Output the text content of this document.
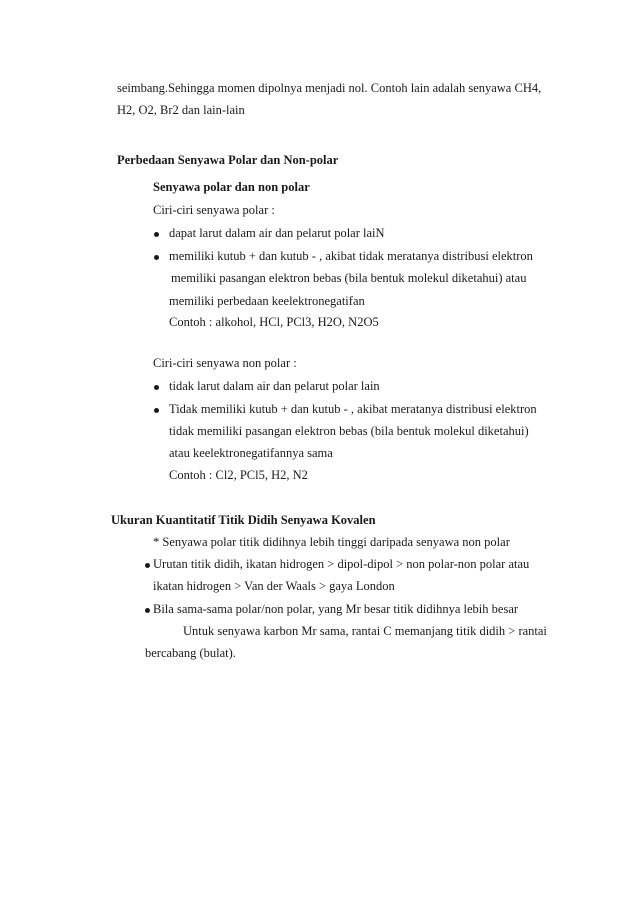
seimbang.Sehingga momen dipolnya menjadi nol. Contoh lain adalah senyawa CH4,
H2, O2, Br2 dan lain-lain
Perbedaan Senyawa Polar dan Non-polar
Senyawa polar dan non polar
Ciri-ciri senyawa polar :
dapat larut dalam air dan pelarut polar laiN
memiliki kutub + dan kutub - , akibat tidak meratanya distribusi elektron
memiliki pasangan elektron bebas (bila bentuk molekul diketahui) atau
memiliki perbedaan keelektronegatifan
Contoh : alkohol, HCl, PCl3, H2O, N2O5
Ciri-ciri senyawa non polar :
tidak larut dalam air dan pelarut polar lain
Tidak memiliki kutub + dan kutub - , akibat meratanya distribusi elektron
tidak memiliki pasangan elektron bebas (bila bentuk molekul diketahui)
atau keelektronegatifannya sama
Contoh : Cl2, PCl5, H2, N2
Ukuran Kuantitatif Titik Didih Senyawa Kovalen
* Senyawa polar titik didihnya lebih tinggi daripada senyawa non polar
Urutan titik didih, ikatan hidrogen > dipol-dipol > non polar-non polar atau
ikatan hidrogen > Van der Waals > gaya London
Bila sama-sama polar/non polar, yang Mr besar titik didihnya lebih besar
Untuk senyawa karbon Mr sama, rantai C memanjang titik didih > rantai
bercabang (bulat).
